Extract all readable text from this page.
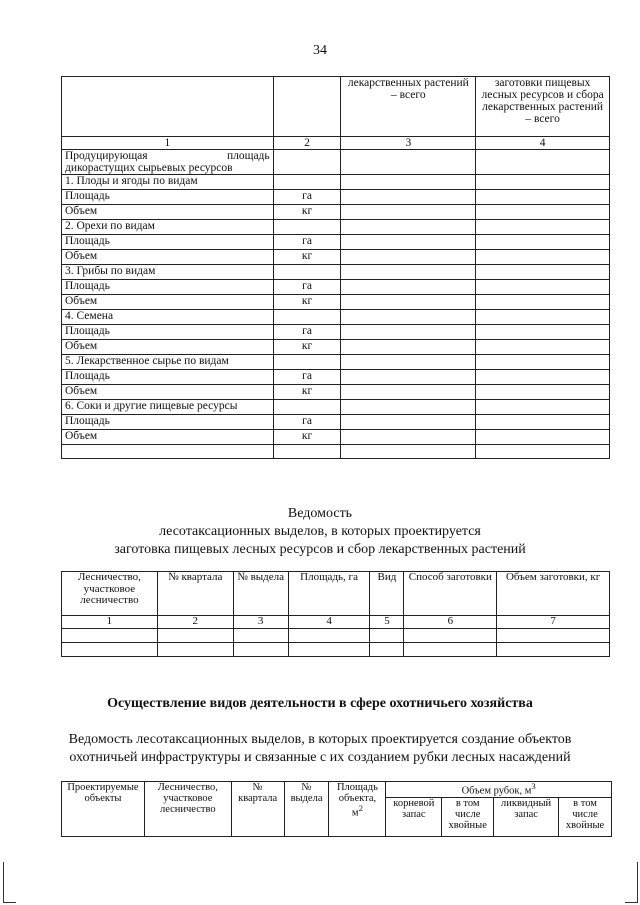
34
		лекарственных растений – всего	заготовки пищевых лесных ресурсов и сбора лекарственных растений – всего
1	2	3	4

Продуцирующая площадь
дикорастущих сырьевых ресурсов			

1. Плоды и ягоды по видам			
Площадь	га		
Объем	кг		
2. Орехи по видам			
Площадь	га		
Объем	кг		
3. Грибы по видам			
Площадь	га		
Объем	кг		
4. Семена			
Площадь	га		
Объем	кг		
5. Лекарственное сырье по видам			
Площадь	га		
Объем	кг		
6. Соки и другие пищевые ресурсы			
Площадь	га		
Объем	кг		

Ведомость
лесотаксационных выделов, в которых проектируется
заготовка пищевых лесных ресурсов и сбор лекарственных растений
Лесничество, участковое лесничество	№ квартала	№ выдела	Площадь, га	Вид	Способ заготовки	Объем заготовки, кг
1	2	3	4	5	6	7

Осуществление видов деятельности в сфере охотничьего хозяйства
Ведомость лесотаксационных выделов, в которых проектируется создание объектов
охотничьей инфраструктуры и связанные с их созданием рубки лесных насаждений
Проектируемые объекты	Лесничество, участковое лесничество	№ квартала	№ выдела	Площадь объекта, $м^2$	Объем рубок, $м^3$
					корневой запас	в том числе хвойные	ликвидный запас	в том числе хвойные
